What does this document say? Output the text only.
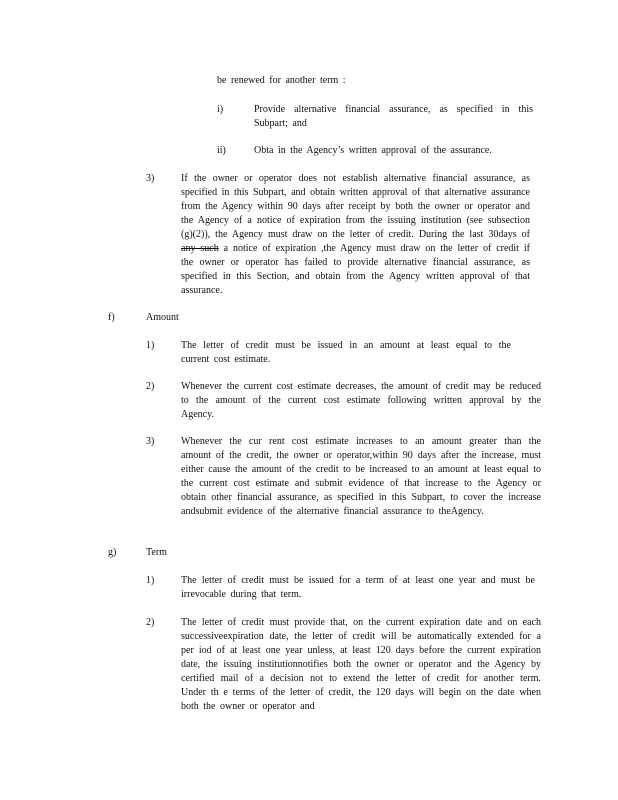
be renewed for another term :
i)	Provide alternative financial assurance, as specified in this Subpart; and
ii)	Obta in the Agency’s written approval of the assurance.
3)	If the owner or operator does not establish alternative financial assurance, as specified in this Subpart, and obtain written approval of that alternative assurance from the Agency within 90 days after receipt by both the owner or operator and the Agency of a notice of expiration from the issuing institution (see subsection (g)(2)), the Agency must draw on the letter of credit. During the last 30days of any such a notice of expiration ,the Agency must draw on the letter of credit if the owner or operator has failed to provide alternative financial assurance, as specified in this Section, and obtain from the Agency written approval of that assurance.
f)	Amount
1)	The letter of credit must be issued in an amount at least equal to the current cost estimate.
2)	Whenever the current cost estimate decreases, the amount of credit may be reduced to the amount of the current cost estimate following written approval by the Agency.
3)	Whenever the cur rent cost estimate increases to an amount greater than the amount of the credit, the owner or operator,within 90 days after the increase, must either cause the amount of the credit to be increased to an amount at least equal to the current cost estimate and submit evidence of that increase to the Agency or obtain other financial assurance, as specified in this Subpart, to cover the increase andsubmit evidence of the alternative financial assurance to theAgency.
g)	Term
1)	The letter of credit must be issued for a term of at least one year and must be irrevocable during that term.
2)	The letter of credit must provide that, on the current expiration date and on each successiveexpiration date, the letter of credit will be automatically extended for a per iod of at least one year unless, at least 120 days before the current expiration date, the issuing institutionnotifies both the owner or operator and the Agency by certified mail of a decision not to extend the letter of credit for another term. Under th e terms of the letter of credit, the 120 days will begin on the date when both the owner or operator and
